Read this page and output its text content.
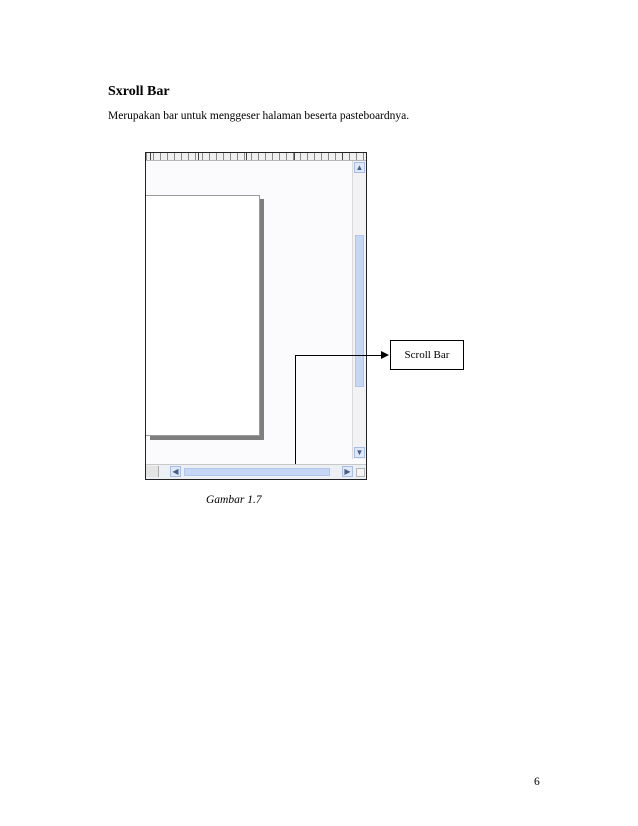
Sxroll Bar
Merupakan bar untuk menggeser halaman beserta pasteboardnya.
▲
▼
◀	▶
Scroll Bar
Gambar 1.7
6
